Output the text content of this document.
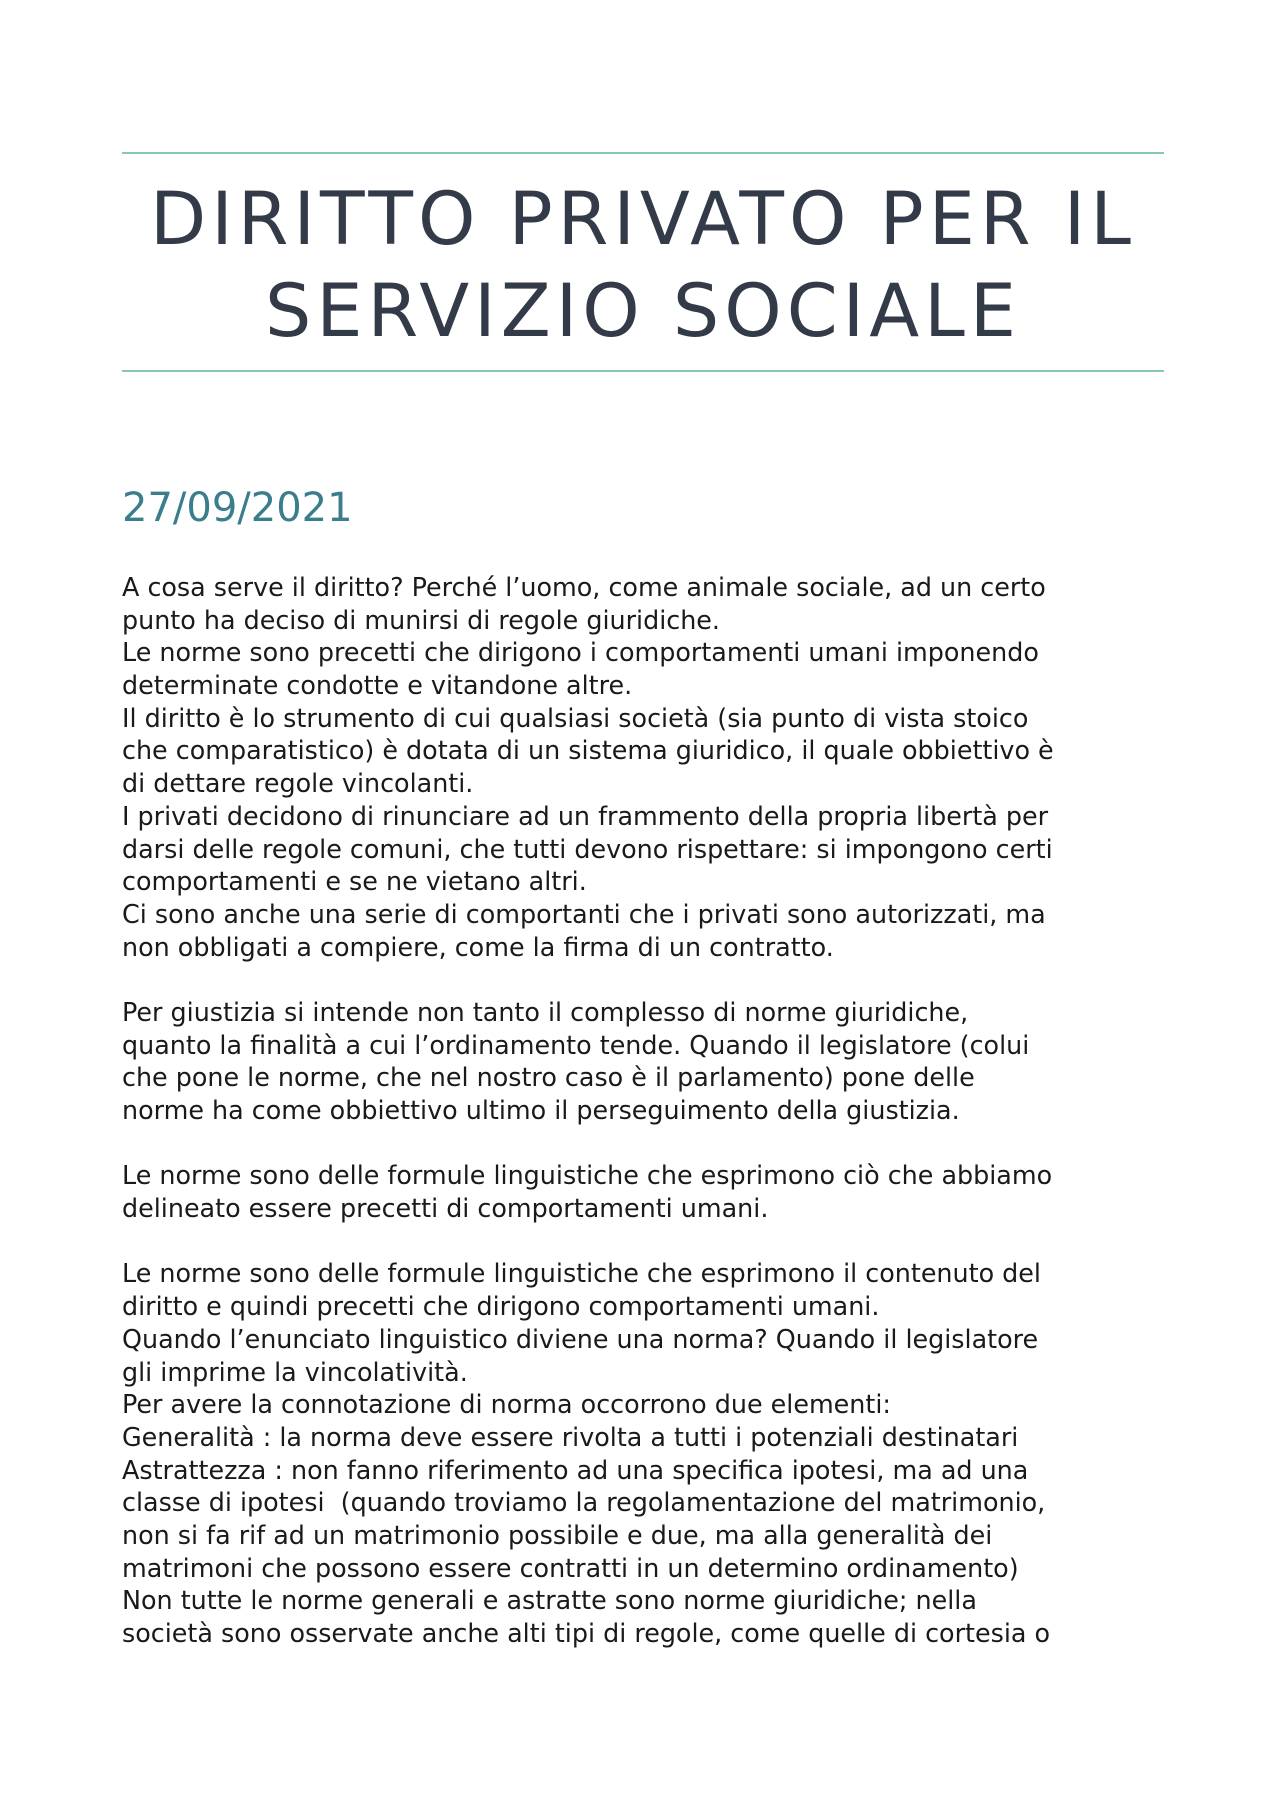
DIRITTO PRIVATO PER IL
SERVIZIO SOCIALE
27/09/2021
A cosa serve il diritto? Perché l’uomo, come animale sociale, ad un certo
punto ha deciso di munirsi di regole giuridiche.
Le norme sono precetti che dirigono i comportamenti umani imponendo
determinate condotte e vitandone altre.
Il diritto è lo strumento di cui qualsiasi società (sia punto di vista stoico
che comparatistico) è dotata di un sistema giuridico, il quale obbiettivo è
di dettare regole vincolanti.
I privati decidono di rinunciare ad un frammento della propria libertà per
darsi delle regole comuni, che tutti devono rispettare: si impongono certi
comportamenti e se ne vietano altri.
Ci sono anche una serie di comportanti che i privati sono autorizzati, ma
non obbligati a compiere, come la firma di un contratto.
Per giustizia si intende non tanto il complesso di norme giuridiche,
quanto la finalità a cui l’ordinamento tende. Quando il legislatore (colui
che pone le norme, che nel nostro caso è il parlamento) pone delle
norme ha come obbiettivo ultimo il perseguimento della giustizia.
Le norme sono delle formule linguistiche che esprimono ciò che abbiamo
delineato essere precetti di comportamenti umani.
Le norme sono delle formule linguistiche che esprimono il contenuto del
diritto e quindi precetti che dirigono comportamenti umani.
Quando l’enunciato linguistico diviene una norma? Quando il legislatore
gli imprime la vincolatività.
Per avere la connotazione di norma occorrono due elementi:
Generalità : la norma deve essere rivolta a tutti i potenziali destinatari
Astrattezza : non fanno riferimento ad una specifica ipotesi, ma ad una
classe di ipotesi  (quando troviamo la regolamentazione del matrimonio,
non si fa rif ad un matrimonio possibile e due, ma alla generalità dei
matrimoni che possono essere contratti in un determino ordinamento)
Non tutte le norme generali e astratte sono norme giuridiche; nella
società sono osservate anche alti tipi di regole, come quelle di cortesia o
